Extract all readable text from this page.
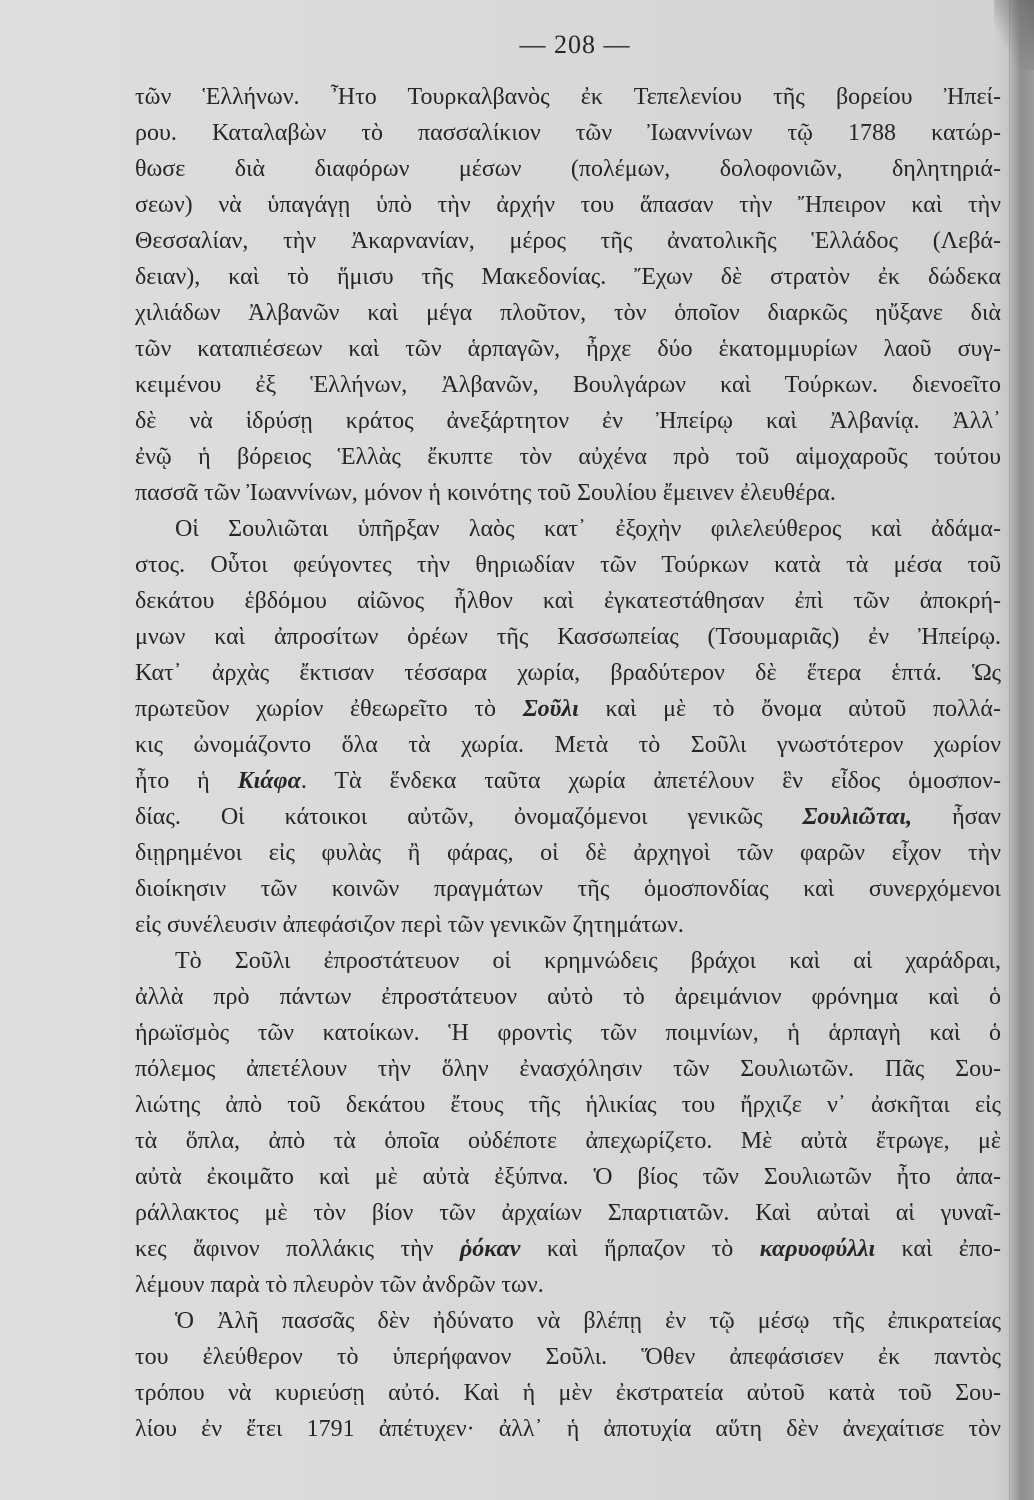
— 208 —
τῶν Ἑλλήνων. Ἦτο Τουρκαλβανὸς ἐκ Τεπελενίου τῆς βορείου Ἠπεί-
ρου. Καταλαβὼν τὸ πασσαλίκιον τῶν Ἰωαννίνων τῷ 1788 κατώρ-
θωσε διὰ διαφόρων μέσων (πολέμων, δολοφονιῶν, δηλητηριά-
σεων) νὰ ὑπαγάγῃ ὑπὸ τὴν ἀρχήν του ἅπασαν τὴν Ἤπειρον καὶ τὴν
Θεσσαλίαν, τὴν Ἀκαρνανίαν, μέρος τῆς ἀνατολικῆς Ἑλλάδος (Λεβά-
δειαν), καὶ τὸ ἥμισυ τῆς Μακεδονίας. Ἔχων δὲ στρατὸν ἐκ δώδεκα
χιλιάδων Ἀλβανῶν καὶ μέγα πλοῦτον, τὸν ὁποῖον διαρκῶς ηὔξανε διὰ
τῶν καταπιέσεων καὶ τῶν ἁρπαγῶν, ἦρχε δύο ἑκατομμυρίων λαοῦ συγ-
κειμένου ἐξ Ἑλλήνων, Ἀλβανῶν, Βουλγάρων καὶ Τούρκων. διενοεῖτο
δὲ νὰ ἱδρύσῃ κράτος ἀνεξάρτητον ἐν Ἠπείρῳ καὶ Ἀλβανίᾳ. Ἀλλ᾽
ἐνῷ ἡ βόρειος Ἑλλὰς ἔκυπτε τὸν αὐχένα πρὸ τοῦ αἱμοχαροῦς τούτου
πασσᾶ τῶν Ἰωαννίνων, μόνον ἡ κοινότης τοῦ Σουλίου ἔμεινεν ἐλευθέρα.
Οἱ Σουλιῶται ὑπῆρξαν λαὸς κατ᾽ ἐξοχὴν φιλελεύθερος καὶ ἀδάμα-
στος. Οὗτοι φεύγοντες τὴν θηριωδίαν τῶν Τούρκων κατὰ τὰ μέσα τοῦ
δεκάτου ἑβδόμου αἰῶνος ἦλθον καὶ ἐγκατεστάθησαν ἐπὶ τῶν ἀποκρή-
μνων καὶ ἀπροσίτων ὀρέων τῆς Κασσωπείας (Τσουμαριᾶς) ἐν Ἠπείρῳ.
Κατ᾽ ἀρχὰς ἔκτισαν τέσσαρα χωρία, βραδύτερον δὲ ἕτερα ἑπτά. Ὡς
πρωτεῦον χωρίον ἐθεωρεῖτο τὸ Σοῦλι καὶ μὲ τὸ ὄνομα αὐτοῦ πολλά-
κις ὠνομάζοντο ὅλα τὰ χωρία. Μετὰ τὸ Σοῦλι γνωστότερον χωρίον
ἦτο ἡ Κιάφα. Τὰ ἕνδεκα ταῦτα χωρία ἀπετέλουν ἓν εἶδος ὁμοσπον-
δίας. Οἱ κάτοικοι αὐτῶν, ὀνομαζόμενοι γενικῶς Σουλιῶται, ἦσαν
διῃρημένοι εἰς φυλὰς ἢ φάρας, οἱ δὲ ἀρχηγοὶ τῶν φαρῶν εἶχον τὴν
διοίκησιν τῶν κοινῶν πραγμάτων τῆς ὁμοσπονδίας καὶ συνερχόμενοι
εἰς συνέλευσιν ἀπεφάσιζον περὶ τῶν γενικῶν ζητημάτων.
Τὸ Σοῦλι ἐπροστάτευον οἱ κρημνώδεις βράχοι καὶ αἱ χαράδραι,
ἀλλὰ πρὸ πάντων ἐπροστάτευον αὐτὸ τὸ ἀρειμάνιον φρόνημα καὶ ὁ
ἡρωϊσμὸς τῶν κατοίκων. Ἡ φροντὶς τῶν ποιμνίων, ἡ ἁρπαγὴ καὶ ὁ
πόλεμος ἀπετέλουν τὴν ὅλην ἐνασχόλησιν τῶν Σουλιωτῶν. Πᾶς Σου-
λιώτης ἀπὸ τοῦ δεκάτου ἔτους τῆς ἡλικίας του ἤρχιζε ν᾽ ἀσκῆται εἰς
τὰ ὅπλα, ἀπὸ τὰ ὁποῖα οὐδέποτε ἀπεχωρίζετο. Μὲ αὐτὰ ἔτρωγε, μὲ
αὐτὰ ἐκοιμᾶτο καὶ μὲ αὐτὰ ἐξύπνα. Ὁ βίος τῶν Σουλιωτῶν ἦτο ἀπα-
ράλλακτος μὲ τὸν βίον τῶν ἀρχαίων Σπαρτιατῶν. Καὶ αὐταὶ αἱ γυναῖ-
κες ἄφινον πολλάκις τὴν ῥόκαν καὶ ἥρπαζον τὸ καρυοφύλλι καὶ ἐπο-
λέμουν παρὰ τὸ πλευρὸν τῶν ἀνδρῶν των.
Ὁ Ἀλῆ πασσᾶς δὲν ἠδύνατο νὰ βλέπῃ ἐν τῷ μέσῳ τῆς ἐπικρατείας
του ἐλεύθερον τὸ ὑπερήφανον Σοῦλι. Ὅθεν ἀπεφάσισεν ἐκ παντὸς
τρόπου νὰ κυριεύσῃ αὐτό. Καὶ ἡ μὲν ἐκστρατεία αὐτοῦ κατὰ τοῦ Σου-
λίου ἐν ἔτει 1791 ἀπέτυχεν· ἀλλ᾽ ἡ ἀποτυχία αὕτη δὲν ἀνεχαίτισε τὸν
